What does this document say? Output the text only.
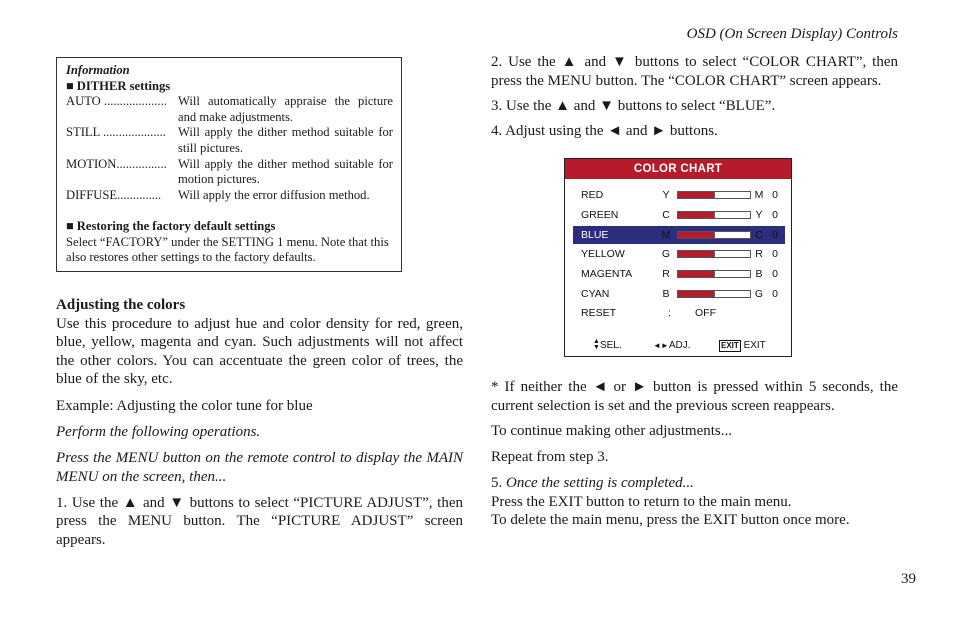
OSD (On Screen Display) Controls
Information
■ DITHER settings
AUTO .................... Will automatically appraise the picture and make adjustments.
STILL .................... Will apply the dither method suitable for still pictures.
MOTION................ Will apply the dither method suitable for motion pictures.
DIFFUSE..............	Will apply the error diffusion method.
■ Restoring the factory default settings
Select “FACTORY” under the SETTING 1 menu. Note that this also restores other settings to the factory defaults.

Adjusting the colors

Use this procedure to adjust hue and color density for red, green, blue, yellow, magenta and cyan. Such adjustments will not affect the other colors. You can accentuate the green color of trees, the blue of the sky, etc.

Example: Adjusting the color tune for blue

Perform the following operations.

Press the MENU button on the remote control to display the MAIN MENU on the screen, then...

1. Use the ▲ and ▼ buttons to select “PICTURE ADJUST”, then press the MENU button. The “PICTURE ADJUST” screen appears.

2. Use the ▲ and ▼ buttons to select “COLOR CHART”, then press the MENU button. The “COLOR CHART” screen appears.

3. Use the ▲ and ▼ buttons to select “BLUE”.

4. Adjust using the ◄ and ► buttons.

COLOR CHART
RED	Y	M 0
GREEN	C	Y 0
BLUE	M	C 0
YELLOW	G	R 0
MAGENTA	R	B 0
CYAN	B	G 0
RESET	: OFF
▲
▼SEL.	◄►ADJ.	EXIT EXIT

* If neither the ◄ or ► button is pressed within 5 seconds, the current selection is set and the previous screen reappears.

To continue making other adjustments...

Repeat from step 3.

5. Once the setting is completed...

Press the EXIT button to return to the main menu.

To delete the main menu, press the EXIT button once more.

39
